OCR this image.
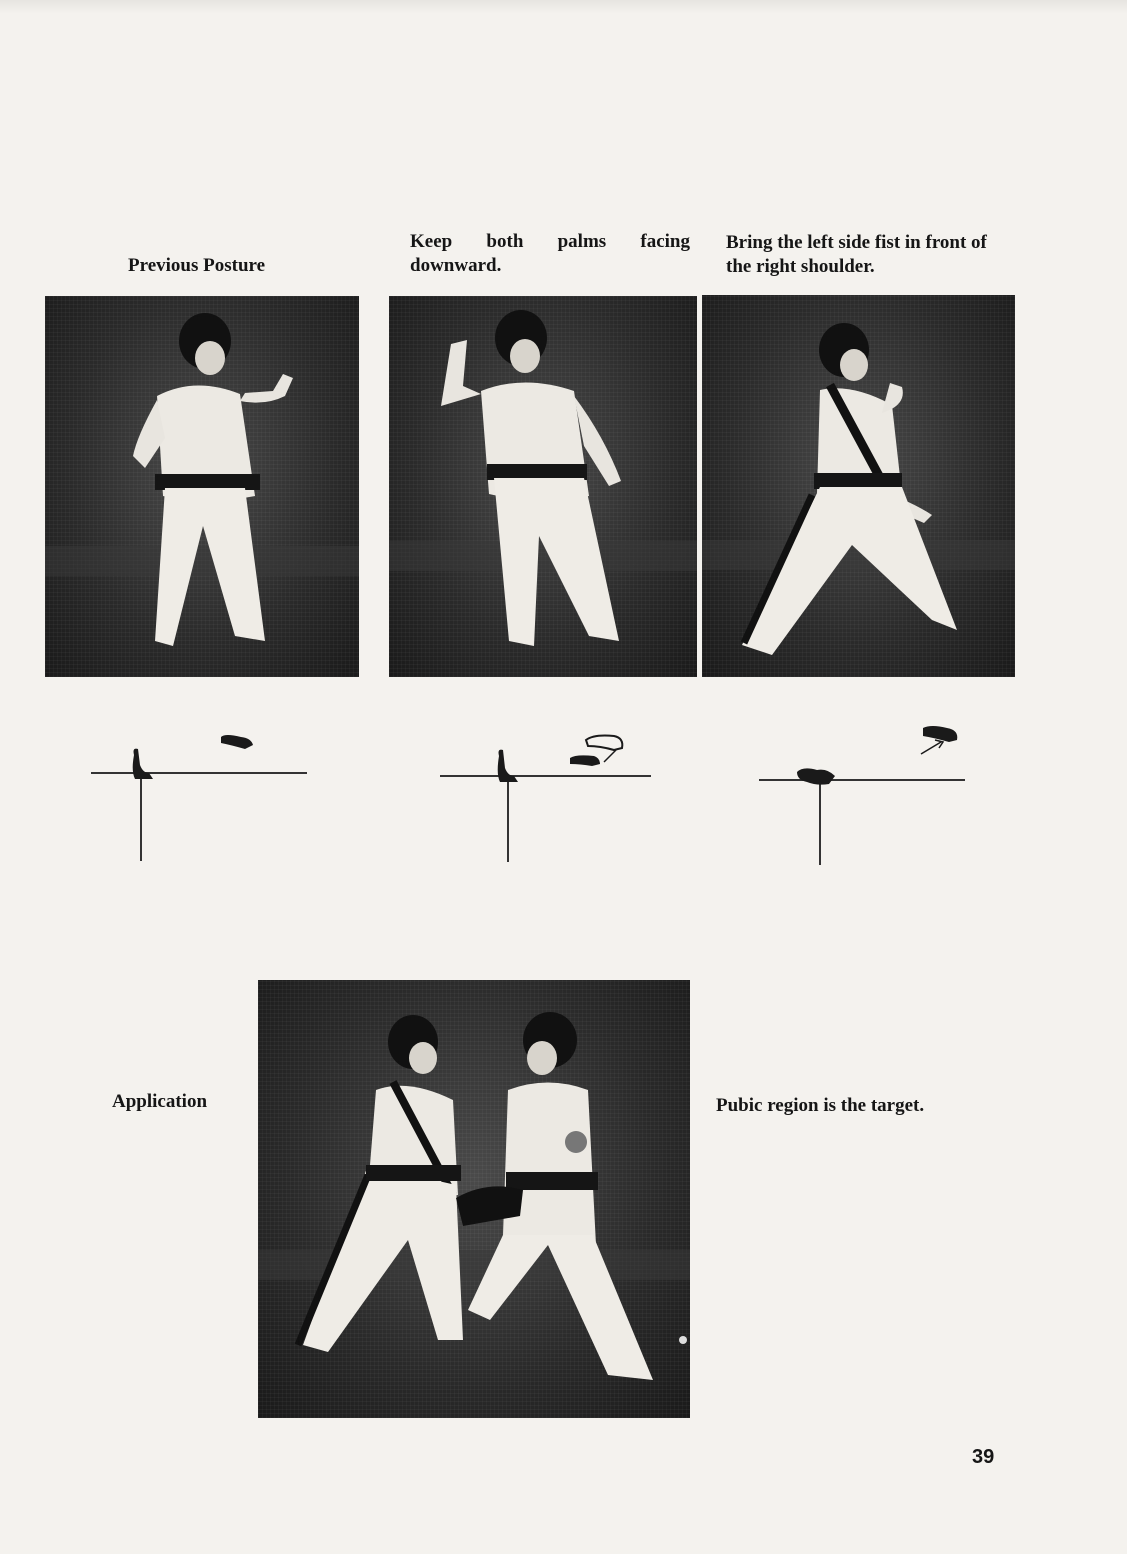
Previous Posture
Keep both palms facing downward.
Bring the left side fist in front of the right shoulder.
Application	Pubic region is the target.
39
